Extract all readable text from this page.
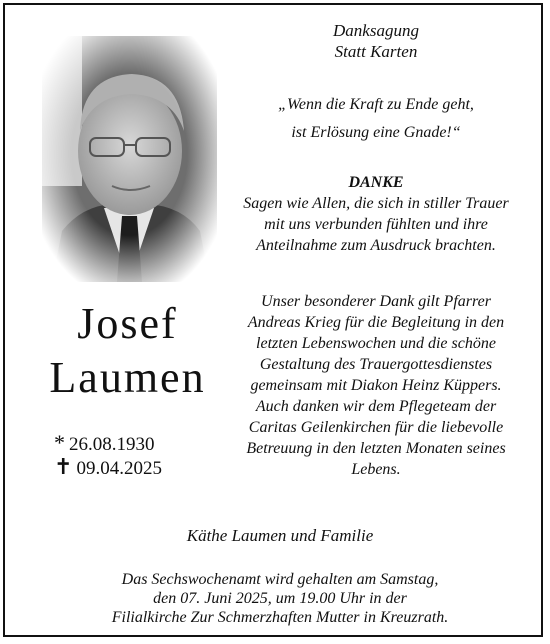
Josef
Laumen
* 26.08.1930
✝ 09.04.2025
Danksagung
Statt Karten
„Wenn die Kraft zu Ende geht,
ist Erlösung eine Gnade!“
DANKE
Sagen wie Allen, die sich in stiller Trauer
mit uns verbunden fühlten und ihre
Anteilnahme zum Ausdruck brachten.
Unser besonderer Dank gilt Pfarrer
Andreas Krieg für die Begleitung in den
letzten Lebenswochen und die schöne
Gestaltung des Trauergottesdienstes
gemeinsam mit Diakon Heinz Küppers.
Auch danken wir dem Pflegeteam der
Caritas Geilenkirchen für die liebevolle
Betreuung in den letzten Monaten seines
Lebens.
Käthe Laumen und Familie
Das Sechswochenamt wird gehalten am Samstag,
den 07. Juni 2025, um 19.00 Uhr in der
Filialkirche Zur Schmerzhaften Mutter in Kreuzrath.
